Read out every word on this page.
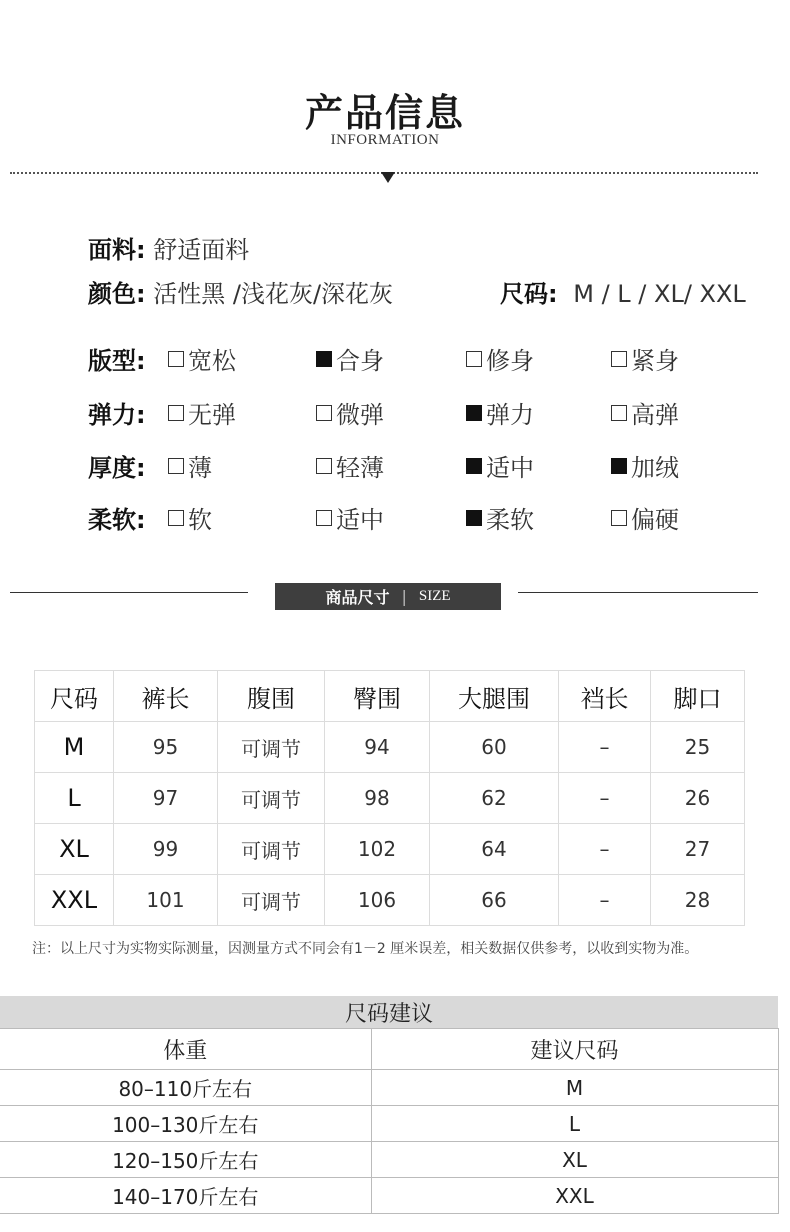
产品信息
INFORMATION
面料: 舒适面料
颜色: 活性黑 /浅花灰/深花灰	尺码: M / L / XL/ XXL
版型: 宽松	合身	修身	紧身
弹力: 无弹	微弹	弹力	高弹
厚度: 薄	轻薄	适中	加绒
柔软: 软	适中	柔软	偏硬
商品尺寸 | SIZE
尺码	裤长	腹围	臀围	大腿围	裆长	脚口
M	95	可调节	94	60	–	25
L	97	可调节	98	62	–	26
XL	99	可调节	102	64	–	27
XXL	101	可调节	106	66	–	28
注：以上尺寸为实物实际测量，因测量方式不同会有1－2 厘米误差，相关数据仅供参考，以收到实物为准。
尺码建议
体重	建议尺码
80–110斤左右	M
100–130斤左右	L
120–150斤左右	XL
140–170斤左右	XXL
